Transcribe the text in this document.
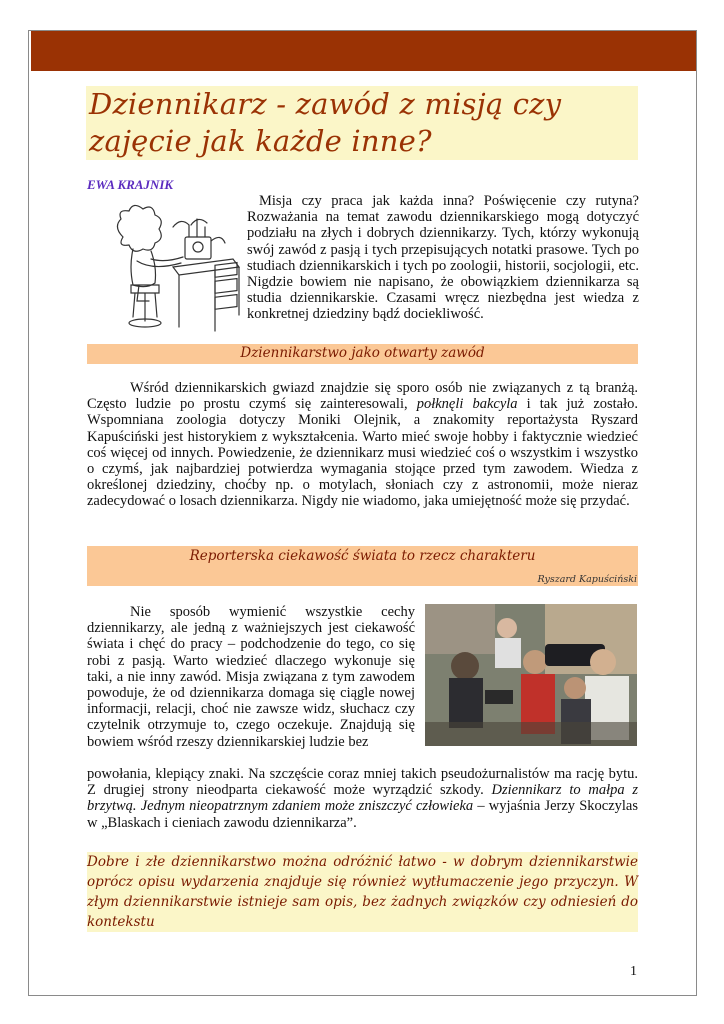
Dziennikarz - zawód z misją czy zajęcie jak każde inne?
EWA KRAJNIK

Misja czy praca jak każda inna? Poświęcenie czy rutyna? Rozważania na temat zawodu dziennikarskiego mogą dotyczyć podziału na złych i dobrych dziennikarzy. Tych, którzy wykonują swój zawód z pasją i tych przepisujących notatki prasowe. Tych po studiach dziennikarskich i tych po zoologii, historii, socjologii, etc. Nigdzie bowiem nie napisano, że obowiązkiem dziennikarza są studia dziennikarskie. Czasami wręcz niezbędna jest wiedza z konkretnej dziedziny bądź dociekliwość.

Dziennikarstwo jako otwarty zawód

Wśród dziennikarskich gwiazd znajdzie się sporo osób nie związanych z tą branżą. Często ludzie po prostu czymś się zainteresowali, połknęli bakcyla i tak już zostało. Wspomniana zoologia dotyczy Moniki Olejnik, a znakomity reportażysta Ryszard Kapuściński jest historykiem z wykształcenia. Warto mieć swoje hobby i faktycznie wiedzieć coś więcej od innych. Powiedzenie, że dziennikarz musi wiedzieć coś o wszystkim i wszystko o czymś, jak najbardziej potwierdza wymagania stojące przed tym zawodem. Wiedza z określonej dziedziny, choćby np. o motylach, słoniach czy z astronomii, może nieraz zadecydować o losach dziennikarza. Nigdy nie wiadomo, jaka umiejętność może się przydać.

Reporterska ciekawość świata to rzecz charakteru
Ryszard Kapuściński

Nie sposób wymienić wszystkie cechy dziennikarzy, ale jedną z ważniejszych jest ciekawość świata i chęć do pracy – podchodzenie do tego, co się robi z pasją. Warto wiedzieć dlaczego wykonuje się taki, a nie inny zawód. Misja związana z tym zawodem powoduje, że od dziennikarza domaga się ciągle nowej informacji, relacji, choć nie zawsze widz, słuchacz czy czytelnik otrzymuje to, czego oczekuje. Znajdują się bowiem wśród rzeszy dziennikarskiej ludzie bez

powołania, klepiący znaki. Na szczęście coraz mniej takich pseudożurnalistów ma rację bytu. Z drugiej strony nieodparta ciekawość może wyrządzić szkody. Dziennikarz to małpa z brzytwą. Jednym nieopatrznym zdaniem może zniszczyć człowieka – wyjaśnia Jerzy Skoczylas w „Blaskach i cieniach zawodu dziennikarza”.

Dobre i złe dziennikarstwo można odróżnić łatwo - w dobrym dziennikarstwie oprócz opisu wydarzenia znajduje się również wytłumaczenie jego przyczyn. W złym dziennikarstwie istnieje sam opis, bez żadnych związków czy odniesień do kontekstu

1
